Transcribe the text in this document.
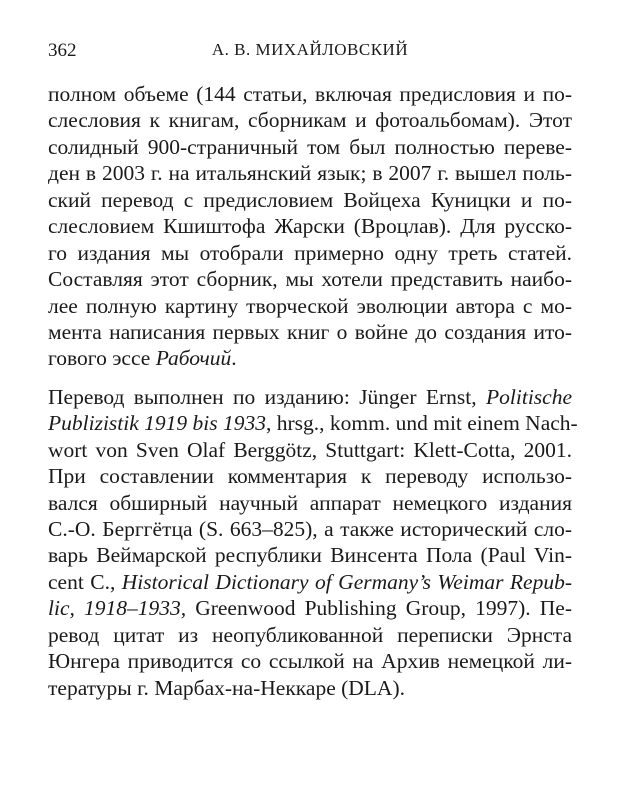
362	А. В. МИХАЙЛОВСКИЙ
полном объеме (144 статьи, включая предисловия и по-
слесловия к книгам, сборникам и фотоальбомам). Этот
солидный 900-страничный том был полностью переве-
ден в 2003 г. на итальянский язык; в 2007 г. вышел поль-
ский перевод с предисловием Войцеха Куницки и по-
слесловием Кшиштофа Жарски (Вроцлав). Для русско-
го издания мы отобрали примерно одну треть статей.
Составляя этот сборник, мы хотели представить наибо-
лее полную картину творческой эволюции автора с мо-
мента написания первых книг о войне до создания ито-
гового эссе Рабочий.
Перевод выполнен по изданию: Jünger Ernst, Politische
Publizistik 1919 bis 1933, hrsg., komm. und mit einem Nach-
wort von Sven Olaf Berggötz, Stuttgart: Klett-Cotta, 2001.
При составлении комментария к переводу использо-
вался обширный научный аппарат немецкого издания
С.-О. Берггётца (S. 663–825), а также исторический сло-
варь Веймарской республики Винсента Пола (Paul Vin-
cent C., Historical Dictionary of Germany’s Weimar Repub-
lic, 1918–1933, Greenwood Publishing Group, 1997). Пе-
ревод цитат из неопубликованной переписки Эрнста
Юнгера приводится со ссылкой на Архив немецкой ли-
тературы г. Марбах-на-Неккаре (DLA).
